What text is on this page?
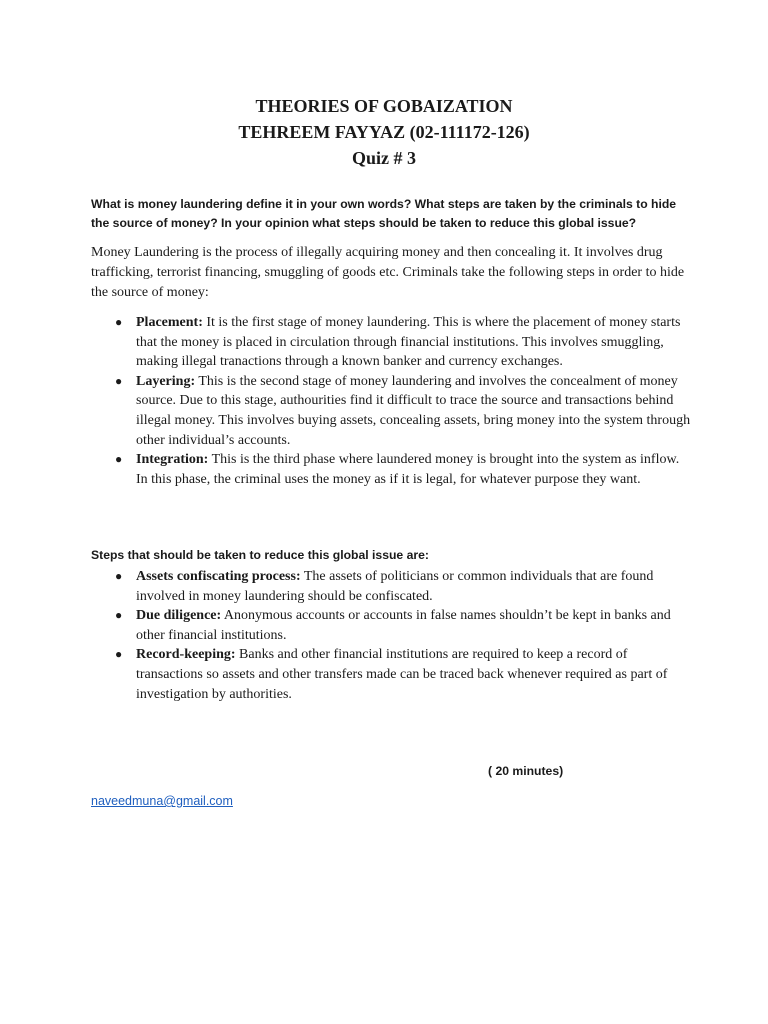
THEORIES OF GOBAIZATION
TEHREEM FAYYAZ (02-111172-126)
Quiz # 3
What is money laundering define it in your own words? What steps are taken by the criminals to hide the source of money? In your opinion what steps should be taken to reduce this global issue?
Money Laundering is the process of illegally acquiring money and then concealing it. It involves drug trafficking, terrorist financing, smuggling of goods etc. Criminals take the following steps in order to hide the source of money:
● Placement: It is the first stage of money laundering. This is where the placement of money starts that the money is placed in circulation through financial institutions. This involves smuggling, making illegal tranactions through a known banker and currency exchanges.
● Layering: This is the second stage of money laundering and involves the concealment of money source. Due to this stage, authourities find it difficult to trace the source and transactions behind illegal money. This involves buying assets, concealing assets, bring money into the system through other individual’s accounts.
● Integration: This is the third phase where laundered money is brought into the system as inflow. In this phase, the criminal uses the money as if it is legal, for whatever purpose they want.
Steps that should be taken to reduce this global issue are:
● Assets confiscating process: The assets of politicians or common individuals that are found involved in money laundering should be confiscated.
● Due diligence: Anonymous accounts or accounts in false names shouldn’t be kept in banks and other financial institutions.
● Record-keeping: Banks and other financial institutions are required to keep a record of transactions so assets and other transfers made can be traced back whenever required as part of investigation by authorities.
( 20 minutes)
naveedmuna@gmail.com
